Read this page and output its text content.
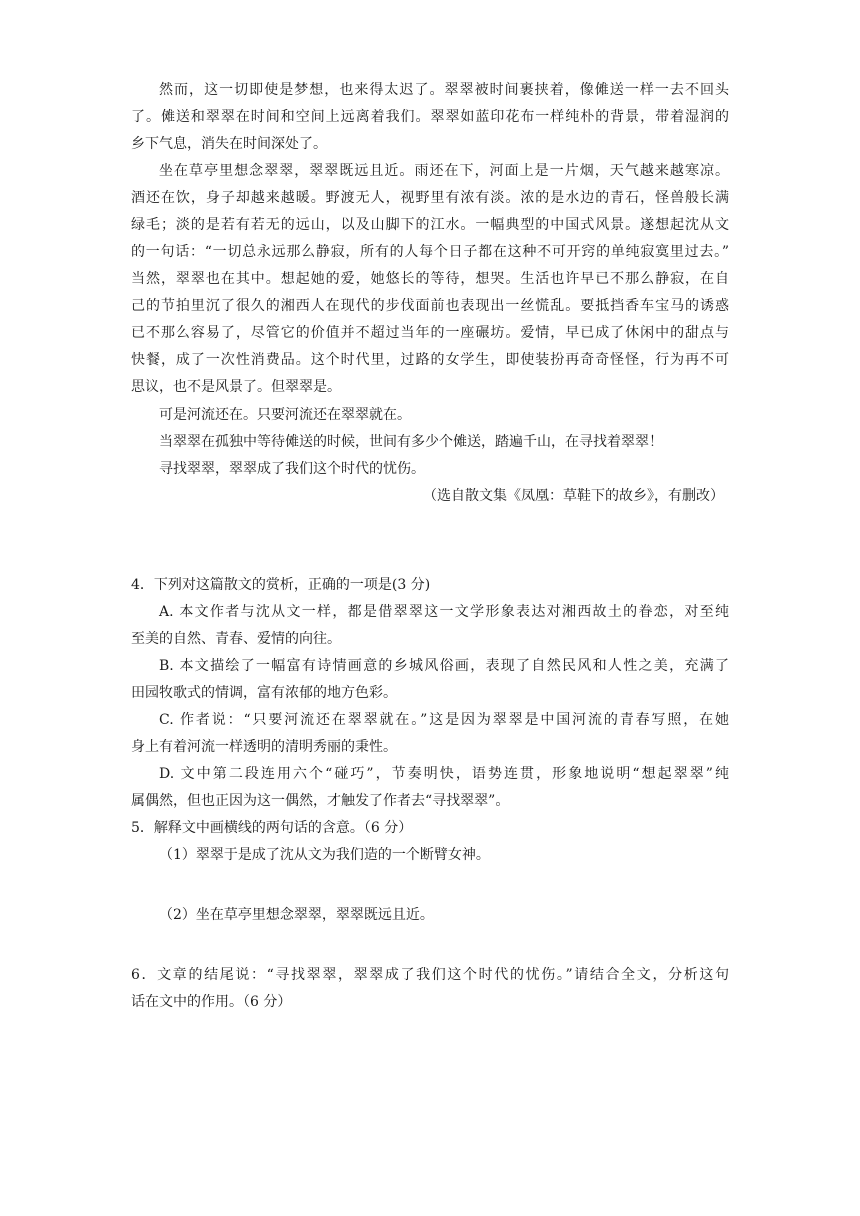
然而，这一切即使是梦想，也来得太迟了。翠翠被时间裹挟着，像傩送一样一去不回头
了。傩送和翠翠在时间和空间上远离着我们。翠翠如蓝印花布一样纯朴的背景，带着湿润的
乡下气息，消失在时间深处了。
坐在草亭里想念翠翠，翠翠既远且近。雨还在下，河面上是一片烟，天气越来越寒凉。
酒还在饮，身子却越来越暖。野渡无人，视野里有浓有淡。浓的是水边的青石，怪兽般长满
绿毛；淡的是若有若无的远山，以及山脚下的江水。一幅典型的中国式风景。遂想起沈从文
的一句话：“一切总永远那么静寂，所有的人每个日子都在这种不可开窍的单纯寂寞里过去。”
当然，翠翠也在其中。想起她的爱，她悠长的等待，想哭。生活也许早已不那么静寂，在自
己的节拍里沉了很久的湘西人在现代的步伐面前也表现出一丝慌乱。要抵挡香车宝马的诱惑
已不那么容易了，尽管它的价值并不超过当年的一座碾坊。爱情，早已成了休闲中的甜点与
快餐，成了一次性消费品。这个时代里，过路的女学生，即使装扮再奇奇怪怪，行为再不可
思议，也不是风景了。但翠翠是。
可是河流还在。只要河流还在翠翠就在。
当翠翠在孤独中等待傩送的时候，世间有多少个傩送，踏遍千山，在寻找着翠翠！
寻找翠翠，翠翠成了我们这个时代的忧伤。
（选自散文集《凤凰：草鞋下的故乡》，有删改）
4．下列对这篇散文的赏析，正确的一项是(3 分)
A. 本文作者与沈从文一样，都是借翠翠这一文学形象表达对湘西故土的眷恋，对至纯
至美的自然、青春、爱情的向往。
B. 本文描绘了一幅富有诗情画意的乡城风俗画，表现了自然民风和人性之美，充满了
田园牧歌式的情调，富有浓郁的地方色彩。
C. 作者说：“只要河流还在翠翠就在。”这是因为翠翠是中国河流的青春写照，在她
身上有着河流一样透明的清明秀丽的秉性。
D. 文中第二段连用六个“碰巧”，节奏明快，语势连贯，形象地说明“想起翠翠”纯
属偶然，但也正因为这一偶然，才触发了作者去“寻找翠翠”。
5．解释文中画横线的两句话的含意。（6 分）
（1）翠翠于是成了沈从文为我们造的一个断臂女神。
（2）坐在草亭里想念翠翠，翠翠既远且近。
6．文章的结尾说：“寻找翠翠，翠翠成了我们这个时代的忧伤。”请结合全文，分析这句
话在文中的作用。（6 分）
